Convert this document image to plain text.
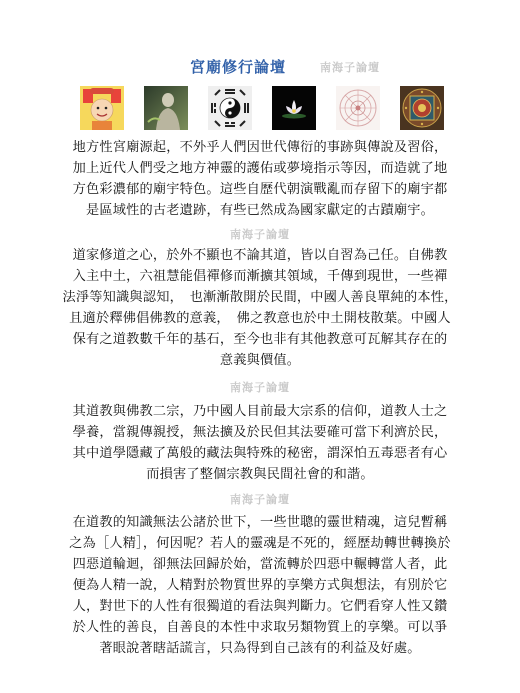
宮廟修行論壇	南海子論壇
地方性宮廟源起，不外乎人們因世代傳衍的事跡與傳說及習俗，
加上近代人們受之地方神靈的護佑或夢境指示等因，而造就了地
方色彩濃郁的廟宇特色。這些自歷代朝演戰亂而存留下的廟宇都
是區域性的古老遺跡，有些已然成為國家獻定的古蹟廟宇。
南海子論壇
道家修道之心，於外不顯也不論其道，皆以自習為己任。自佛教
入主中土，六祖慧能倡禪修而漸擴其領域，千傳到現世，一些禪
法淨等知識與認知，　也漸漸散開於民間，中國人善良單純的本性，
且適於釋佛倡佛教的意義，　佛之教意也於中土開枝散葉。中國人
保有之道教數千年的基石，至今也非有其他教意可瓦解其存在的
意義與價值。
南海子論壇
其道教與佛教二宗，乃中國人目前最大宗系的信仰，道教人士之
學養，當親傳親授，無法擴及於民但其法要確可當下利濟於民，
其中道學隱藏了萬般的藏法與特殊的秘密，謂深怕五毒惡者有心
而損害了整個宗教與民間社會的和諧。
南海子論壇
在道教的知識無法公諸於世下，一些世聰的靈世精魂，這兒暫稱
之為［人精］，何因呢？若人的靈魂是不死的，經歷劫轉世轉換於
四惡道輪迴，卻無法回歸於始，當流轉於四惡中輾轉當人者，此
便為人精一說，人精對於物質世界的享樂方式與想法，有別於它
人，對世下的人性有很獨道的看法與判斷力。它們看穿人性又鑽
於人性的善良，自善良的本性中求取另類物質上的享樂。可以爭
著眼說著瞎話謊言，只為得到自己該有的利益及好處。
